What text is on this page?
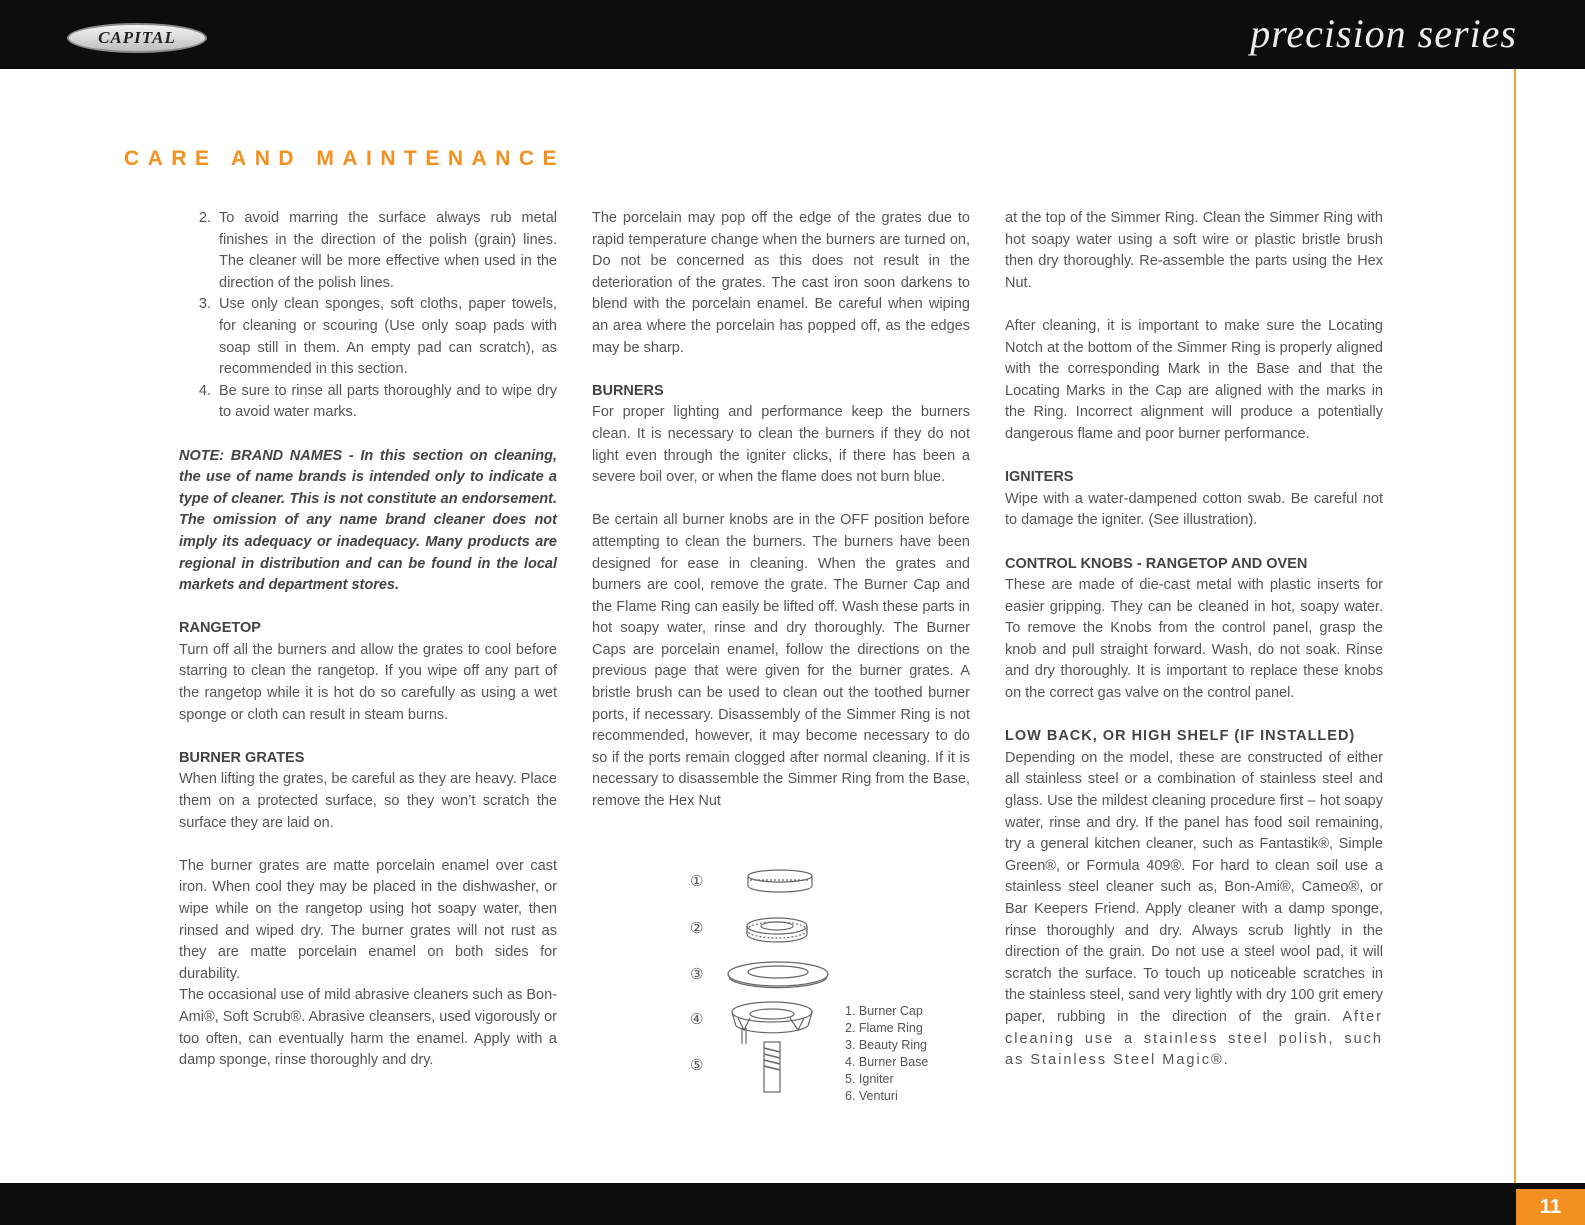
CAPITAL	precision series
CARE AND MAINTENANCE
2. To avoid marring the surface always rub metal finishes in the direction of the polish (grain) lines. The cleaner will be more effective when used in the direction of the polish lines.
3. Use only clean sponges, soft cloths, paper towels, for cleaning or scouring (Use only soap pads with soap still in them. An empty pad can scratch), as recommended in this section.
4. Be sure to rinse all parts thoroughly and to wipe dry to avoid water marks.

NOTE: BRAND NAMES - In this section on cleaning, the use of name brands is intended only to indicate a type of cleaner. This is not constitute an endorsement. The omission of any name brand cleaner does not imply its adequacy or inadequacy. Many products are regional in distribution and can be found in the local markets and department stores.

RANGETOP

Turn off all the burners and allow the grates to cool before starring to clean the rangetop. If you wipe off any part of the rangetop while it is hot do so carefully as using a wet sponge or cloth can result in steam burns.

BURNER GRATES

When lifting the grates, be careful as they are heavy. Place them on a protected surface, so they won’t scratch the surface they are laid on.

The burner grates are matte porcelain enamel over cast iron. When cool they may be placed in the dishwasher, or wipe while on the rangetop using hot soapy water, then rinsed and wiped dry. The burner grates will not rust as they are matte porcelain enamel on both sides for durability.

The occasional use of mild abrasive cleaners such as Bon-Ami®, Soft Scrub®. Abrasive cleansers, used vigorously or too often, can eventually harm the enamel. Apply with a damp sponge, rinse thoroughly and dry.

The porcelain may pop off the edge of the grates due to rapid temperature change when the burners are turned on, Do not be concerned as this does not result in the deterioration of the grates. The cast iron soon darkens to blend with the porcelain enamel. Be careful when wiping an area where the porcelain has popped off, as the edges may be sharp.

BURNERS

For proper lighting and performance keep the burners clean. It is necessary to clean the burners if they do not light even through the igniter clicks, if there has been a severe boil over, or when the flame does not burn blue.

Be certain all burner knobs are in the OFF position before attempting to clean the burners. The burners have been designed for ease in cleaning. When the grates and burners are cool, remove the grate. The Burner Cap and the Flame Ring can easily be lifted off. Wash these parts in hot soapy water, rinse and dry thoroughly. The Burner Caps are porcelain enamel, follow the directions on the previous page that were given for the burner grates. A bristle brush can be used to clean out the toothed burner ports, if necessary. Disassembly of the Simmer Ring is not recommended, however, it may become necessary to do so if the ports remain clogged after normal cleaning. If it is necessary to disassemble the Simmer Ring from the Base, remove the Hex Nut

①
②
③
④
⑤
1. Burner Cap
2. Flame Ring
3. Beauty Ring
4. Burner Base
5. Igniter
6. Venturi

at the top of the Simmer Ring. Clean the Simmer Ring with hot soapy water using a soft wire or plastic bristle brush then dry thoroughly. Re-assemble the parts using the Hex Nut.

After cleaning, it is important to make sure the Locating Notch at the bottom of the Simmer Ring is properly aligned with the corresponding Mark in the Base and that the Locating Marks in the Cap are aligned with the marks in the Ring. Incorrect alignment will produce a potentially dangerous flame and poor burner performance.

IGNITERS

Wipe with a water-dampened cotton swab. Be careful not to damage the igniter. (See illustration).

CONTROL KNOBS - RANGETOP AND OVEN

These are made of die-cast metal with plastic inserts for easier gripping. They can be cleaned in hot, soapy water. To remove the Knobs from the control panel, grasp the knob and pull straight forward. Wash, do not soak. Rinse and dry thoroughly. It is important to replace these knobs on the correct gas valve on the control panel.

LOW BACK, OR HIGH SHELF (IF INSTALLED)

Depending on the model, these are constructed of either all stainless steel or a combination of stainless steel and glass. Use the mildest cleaning procedure first – hot soapy water, rinse and dry. If the panel has food soil remaining, try a general kitchen cleaner, such as Fantastik®, Simple Green®, or Formula 409®. For hard to clean soil use a stainless steel cleaner such as, Bon-Ami®, Cameo®, or Bar Keepers Friend. Apply cleaner with a damp sponge, rinse thoroughly and dry. Always scrub lightly in the direction of the grain. Do not use a steel wool pad, it will scratch the surface. To touch up noticeable scratches in the stainless steel, sand very lightly with dry 100 grit emery paper, rubbing in the direction of the grain. After cleaning use a stainless steel polish, such as Stainless Steel Magic®.

11
